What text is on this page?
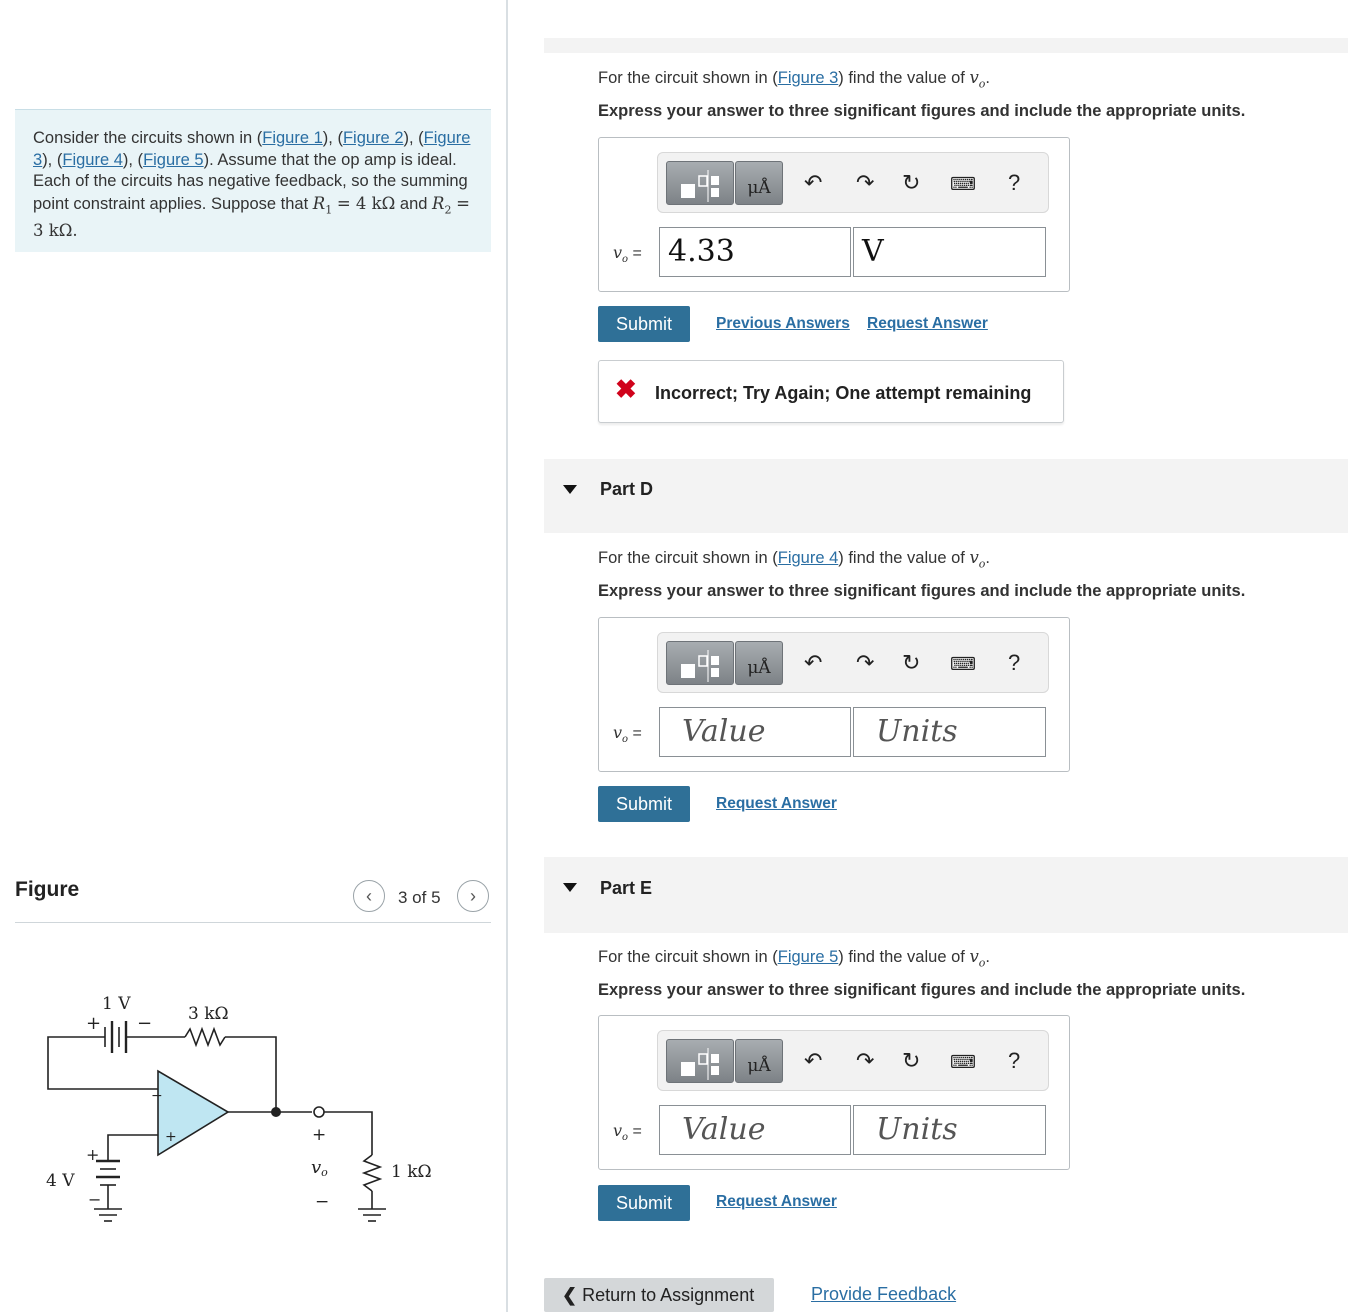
Consider the circuits shown in (Figure 1), (Figure 2), (Figure 3), (Figure 4), (Figure 5). Assume that the op amp is ideal. Each of the circuits has negative feedback, so the summing point constraint applies. Suppose that $R_1 = 4$ kΩ and $R_2 = 3$ kΩ.
Figure	‹ 3 of 5 ›
−
+
+ −
1 V	3 kΩ
4 V
+
−
+
vo
−
1 kΩ
For the circuit shown in (Figure 3) find the value of $v_o$.
Express your answer to three significant figures and include the appropriate units.
μÅ	↶ ↷ ↻ ⌨ ?
$v_o = 4.33$	V
Submit	Previous Answers Request Answer
✖ Incorrect; Try Again; One attempt remaining
Part D
For the circuit shown in (Figure 4) find the value of $v_o$.
Express your answer to three significant figures and include the appropriate units.
μÅ	↶ ↷ ↻ ⌨ ?
$v_o$ =	Value	Units
Submit	Request Answer
Part E
For the circuit shown in (Figure 5) find the value of $v_o$.
Express your answer to three significant figures and include the appropriate units.
μÅ	↶ ↷ ↻ ⌨ ?
$v_o$ =	Value	Units
Submit	Request Answer
❮ Return to Assignment	Provide Feedback
